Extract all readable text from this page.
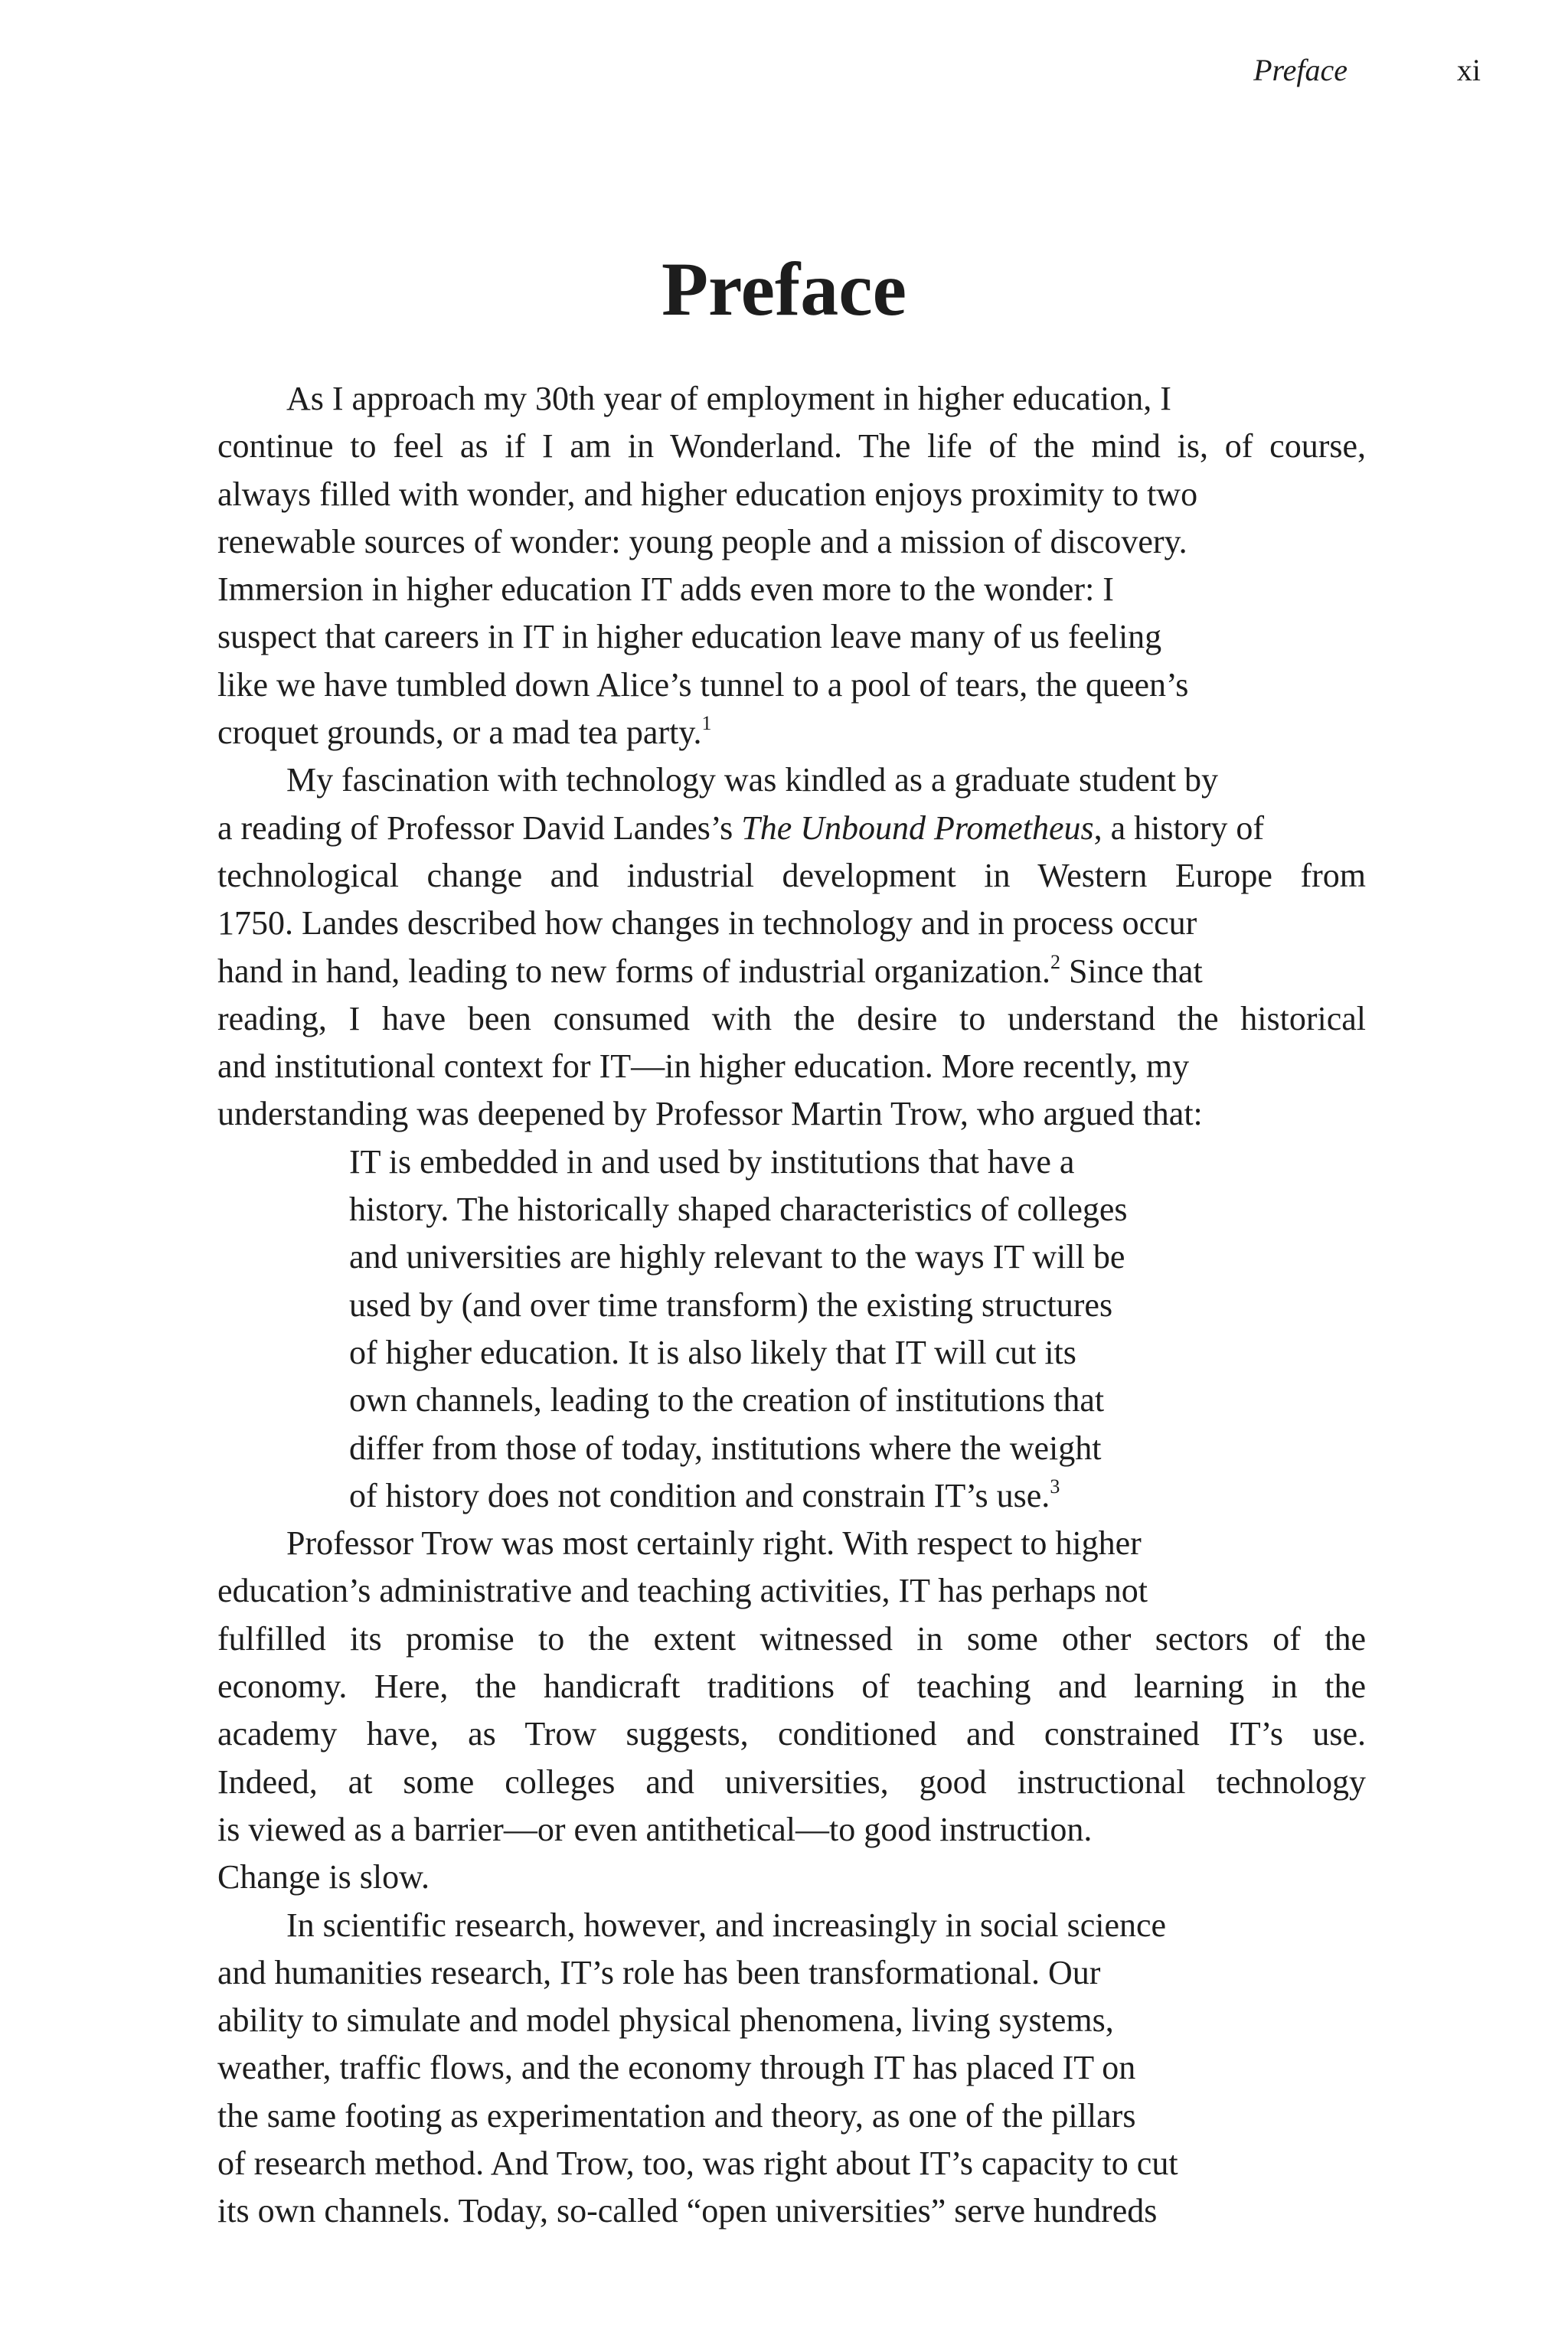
Preface	xi
Preface
As I approach my 30th year of employment in higher education, I
continue to feel as if I am in Wonderland. The life of the mind is, of course,
always filled with wonder, and higher education enjoys proximity to two
renewable sources of wonder: young people and a mission of discovery.
Immersion in higher education IT adds even more to the wonder: I
suspect that careers in IT in higher education leave many of us feeling
like we have tumbled down Alice’s tunnel to a pool of tears, the queen’s
croquet grounds, or a mad tea party.$^1$
My fascination with technology was kindled as a graduate student by
a reading of Professor David Landes’s The Unbound Prometheus, a history of
technological change and industrial development in Western Europe from
1750. Landes described how changes in technology and in process occur
hand in hand, leading to new forms of industrial organization.$^2$ Since that
reading, I have been consumed with the desire to understand the historical
and institutional context for IT—in higher education. More recently, my
understanding was deepened by Professor Martin Trow, who argued that:
IT is embedded in and used by institutions that have a
history. The historically shaped characteristics of colleges
and universities are highly relevant to the ways IT will be
used by (and over time transform) the existing structures
of higher education. It is also likely that IT will cut its
own channels, leading to the creation of institutions that
differ from those of today, institutions where the weight
of history does not condition and constrain IT’s use.$^3$
Professor Trow was most certainly right. With respect to higher
education’s administrative and teaching activities, IT has perhaps not
fulfilled its promise to the extent witnessed in some other sectors of the
economy. Here, the handicraft traditions of teaching and learning in the
academy have, as Trow suggests, conditioned and constrained IT’s use.
Indeed, at some colleges and universities, good instructional technology
is viewed as a barrier—or even antithetical—to good instruction.
Change is slow.
In scientific research, however, and increasingly in social science
and humanities research, IT’s role has been transformational. Our
ability to simulate and model physical phenomena, living systems,
weather, traffic flows, and the economy through IT has placed IT on
the same footing as experimentation and theory, as one of the pillars
of research method. And Trow, too, was right about IT’s capacity to cut
its own channels. Today, so-called “open universities” serve hundreds
